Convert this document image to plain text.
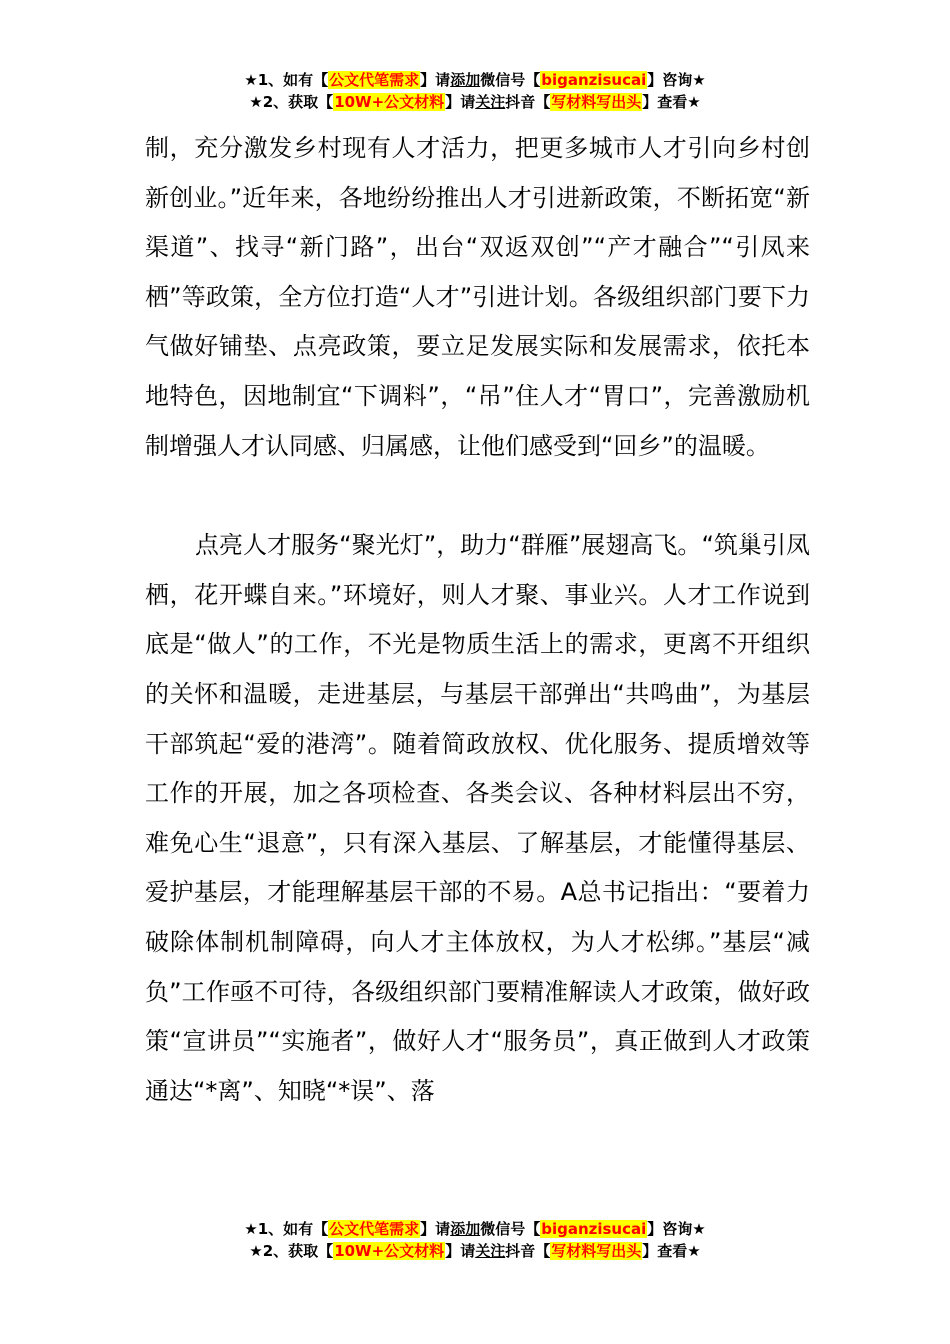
★1、如有【公文代笔需求】请添加微信号【biganzisucai】咨询★
★2、获取【10W+公文材料】请关注抖音【写材料写出头】查看★

制，充分激发乡村现有人才活力，把更多城市人才引向乡村创新创业。”近年来，各地纷纷推出人才引进新政策，不断拓宽“新渠道”、找寻“新门路”，出台“双返双创”“产才融合”“引凤来栖”等政策，全方位打造“人才”引进计划。各级组织部门要下力气做好铺垫、点亮政策，要立足发展实际和发展需求，依托本地特色，因地制宜“下调料”，“吊”住人才“胃口”，完善激励机制增强人才认同感、归属感，让他们感受到“回乡”的温暖。

点亮人才服务“聚光灯”，助力“群雁”展翅高飞。“筑巢引凤栖，花开蝶自来。”环境好，则人才聚、事业兴。人才工作说到底是“做人”的工作，不光是物质生活上的需求，更离不开组织的关怀和温暖，走进基层，与基层干部弹出“共鸣曲”，为基层干部筑起“爱的港湾”。随着简政放权、优化服务、提质增效等工作的开展，加之各项检查、各类会议、各种材料层出不穷，难免心生“退意”，只有深入基层、了解基层，才能懂得基层、爱护基层，才能理解基层干部的不易。A总书记指出：“要着力破除体制机制障碍，向人才主体放权，为人才松绑。”基层“减负”工作亟不可待，各级组织部门要精准解读人才政策，做好政策“宣讲员”“实施者”，做好人才“服务员”，真正做到人才政策通达“*离”、知晓“*误”、落

★1、如有【公文代笔需求】请添加微信号【biganzisucai】咨询★
★2、获取【10W+公文材料】请关注抖音【写材料写出头】查看★
